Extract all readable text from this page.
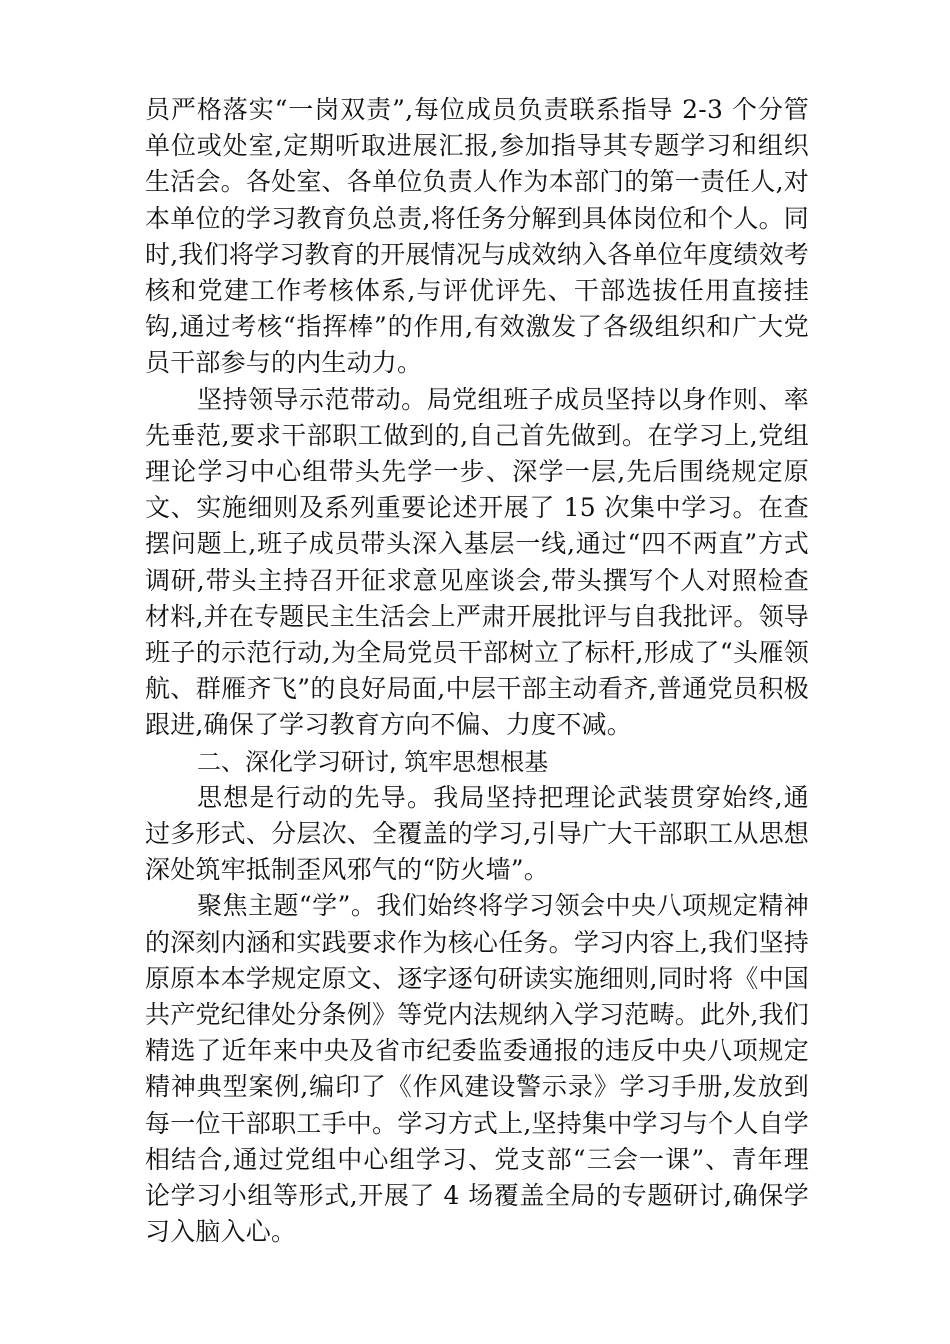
员严格落实“一岗双责”,每位成员负责联系指导 2-3 个分管单位或处室,定期听取进展汇报,参加指导其专题学习和组织生活会。各处室、各单位负责人作为本部门的第一责任人,对本单位的学习教育负总责,将任务分解到具体岗位和个人。同时,我们将学习教育的开展情况与成效纳入各单位年度绩效考核和党建工作考核体系,与评优评先、干部选拔任用直接挂钩,通过考核“指挥棒”的作用,有效激发了各级组织和广大党员干部参与的内生动力。

坚持领导示范带动。局党组班子成员坚持以身作则、率先垂范,要求干部职工做到的,自己首先做到。在学习上,党组理论学习中心组带头先学一步、深学一层,先后围绕规定原文、实施细则及系列重要论述开展了 15 次集中学习。在查摆问题上,班子成员带头深入基层一线,通过“四不两直”方式调研,带头主持召开征求意见座谈会,带头撰写个人对照检查材料,并在专题民主生活会上严肃开展批评与自我批评。领导班子的示范行动,为全局党员干部树立了标杆,形成了“头雁领航、群雁齐飞”的良好局面,中层干部主动看齐,普通党员积极跟进,确保了学习教育方向不偏、力度不减。

二、深化学习研讨, 筑牢思想根基

思想是行动的先导。我局坚持把理论武装贯穿始终,通过多形式、分层次、全覆盖的学习,引导广大干部职工从思想深处筑牢抵制歪风邪气的“防火墙”。

聚焦主题“学”。我们始终将学习领会中央八项规定精神的深刻内涵和实践要求作为核心任务。学习内容上,我们坚持原原本本学规定原文、逐字逐句研读实施细则,同时将《中国共产党纪律处分条例》等党内法规纳入学习范畴。此外,我们精选了近年来中央及省市纪委监委通报的违反中央八项规定精神典型案例,编印了《作风建设警示录》学习手册,发放到每一位干部职工手中。学习方式上,坚持集中学习与个人自学相结合,通过党组中心组学习、党支部“三会一课”、青年理论学习小组等形式,开展了 4 场覆盖全局的专题研讨,确保学习入脑入心。
